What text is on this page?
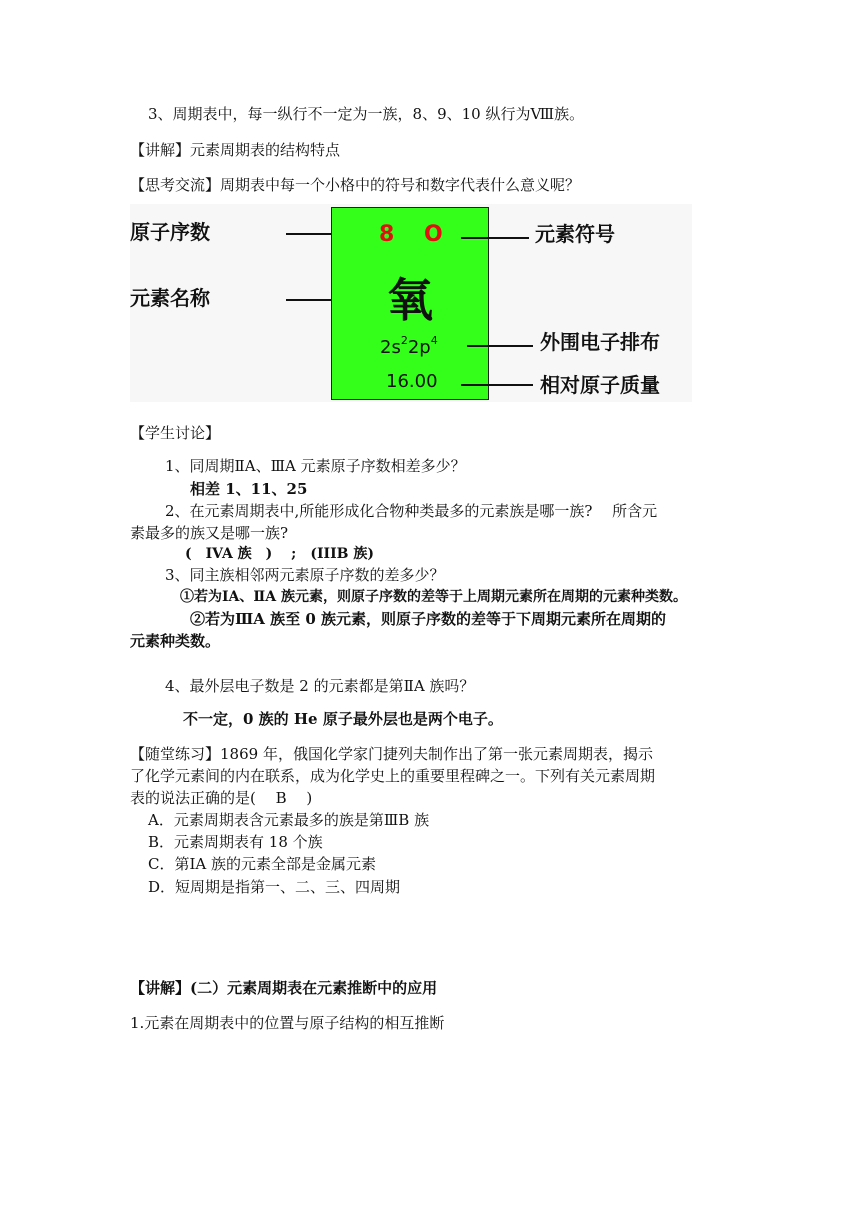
3、周期表中，每一纵行不一定为一族，8、9、10 纵行为Ⅷ族。
【讲解】元素周期表的结构特点
【思考交流】周期表中每一个小格中的符号和数字代表什么意义呢？
原子序数
元素名称
8 O
氧
$2s^22p^4$
16.00
元素符号
外围电子排布
相对原子质量
【学生讨论】
1、同周期ⅡA、ⅢA 元素原子序数相差多少？
相差 1、11、25
2、在元素周期表中,所能形成化合物种类最多的元素族是哪一族?　 所含元
素最多的族又是哪一族?
(　IVA 族　)　 ;　(IIIB 族)
3、同主族相邻两元素原子序数的差多少？
①若为ⅠA、ⅡA 族元素，则原子序数的差等于上周期元素所在周期的元素种类数。
②若为ⅢA 族至 0 族元素，则原子序数的差等于下周期元素所在周期的
元素种类数。
4、最外层电子数是 2 的元素都是第ⅡA 族吗？
不一定，0 族的 He 原子最外层也是两个电子。
【随堂练习】1869 年，俄国化学家门捷列夫制作出了第一张元素周期表，揭示
了化学元素间的内在联系，成为化学史上的重要里程碑之一。下列有关元素周期
表的说法正确的是(　 B　 )
A．元素周期表含元素最多的族是第ⅢB 族
B．元素周期表有 18 个族
C．第ⅠA 族的元素全部是金属元素
D．短周期是指第一、二、三、四周期
【讲解】(二）元素周期表在元素推断中的应用
1.元素在周期表中的位置与原子结构的相互推断
